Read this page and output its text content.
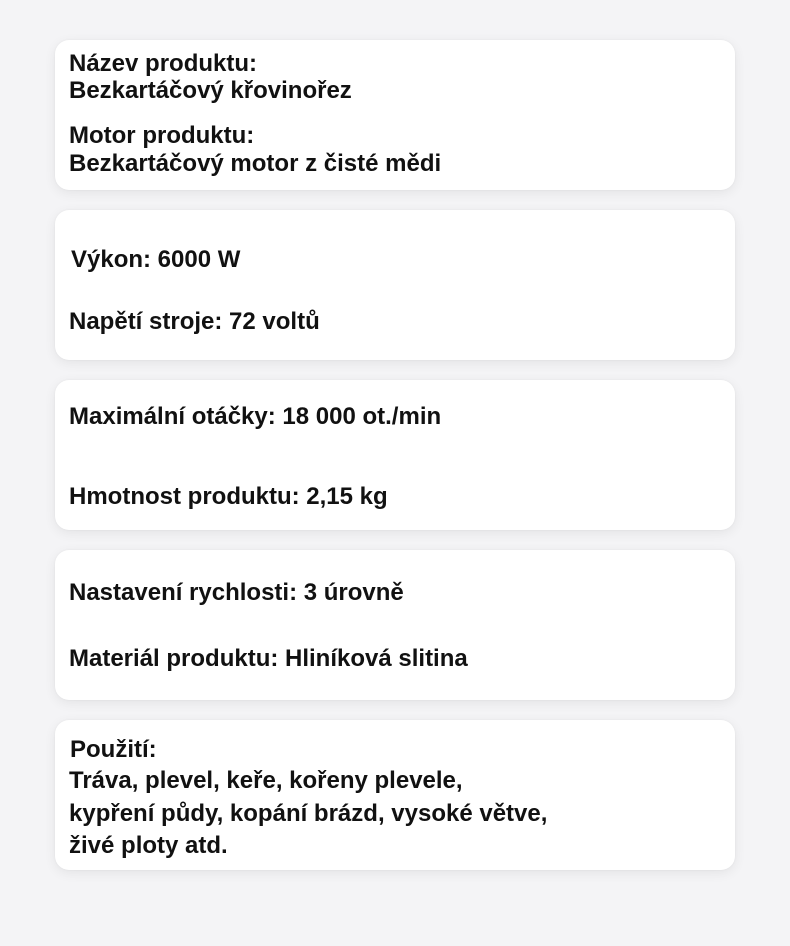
Název produktu:
Bezkartáčový křovinořez
Motor produktu:
Bezkartáčový motor z čisté mědi
Výkon: 6000 W
Napětí stroje: 72 voltů
Maximální otáčky: 18 000 ot./min
Hmotnost produktu: 2,15 kg
Nastavení rychlosti: 3 úrovně
Materiál produktu: Hliníková slitina
Použití:
Tráva, plevel, keře, kořeny plevele,
kypření půdy, kopání brázd, vysoké větve,
živé ploty atd.
